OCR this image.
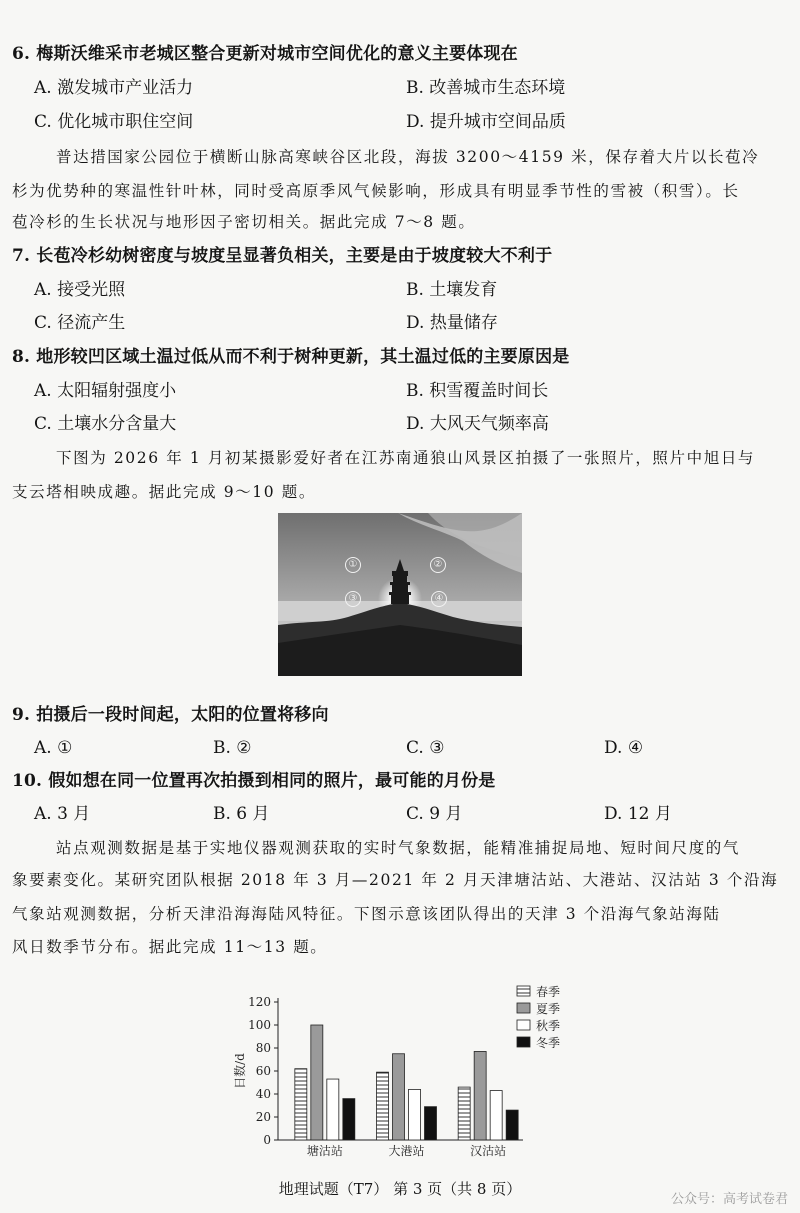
6. 梅斯沃维采市老城区整合更新对城市空间优化的意义主要体现在
A. 激发城市产业活力	B. 改善城市生态环境
C. 优化城市职住空间	D. 提升城市空间品质
普达措国家公园位于横断山脉高寒峡谷区北段，海拔 3200～4159 米，保存着大片以长苞冷
杉为优势种的寒温性针叶林，同时受高原季风气候影响，形成具有明显季节性的雪被（积雪）。长
苞冷杉的生长状况与地形因子密切相关。据此完成 7～8 题。
7. 长苞冷杉幼树密度与坡度呈显著负相关，主要是由于坡度较大不利于
A. 接受光照	B. 土壤发育
C. 径流产生	D. 热量储存
8. 地形较凹区域土温过低从而不利于树种更新，其土温过低的主要原因是
A. 太阳辐射强度小	B. 积雪覆盖时间长
C. 土壤水分含量大	D. 大风天气频率高
下图为 2026 年 1 月初某摄影爱好者在江苏南通狼山风景区拍摄了一张照片，照片中旭日与
支云塔相映成趣。据此完成 9～10 题。
①	②
③	④
9. 拍摄后一段时间起，太阳的位置将移向
A. ①	B. ②	C. ③	D. ④
10. 假如想在同一位置再次拍摄到相同的照片，最可能的月份是
A. 3 月	B. 6 月	C. 9 月	D. 12 月
站点观测数据是基于实地仪器观测获取的实时气象数据，能精准捕捉局地、短时间尺度的气
象要素变化。某研究团队根据 2018 年 3 月—2021 年 2 月天津塘沽站、大港站、汉沽站 3 个沿海
气象站观测数据，分析天津沿海海陆风特征。下图示意该团队得出的天津 3 个沿海气象站海陆
风日数季节分布。据此完成 11～13 题。
0
20
40
60
80
100
120
日数/d
塘沽站	大港站	汉沽站
春季
夏季
秋季
冬季
地理试题（T7） 第 3 页（共 8 页）
公众号：高考试卷君
